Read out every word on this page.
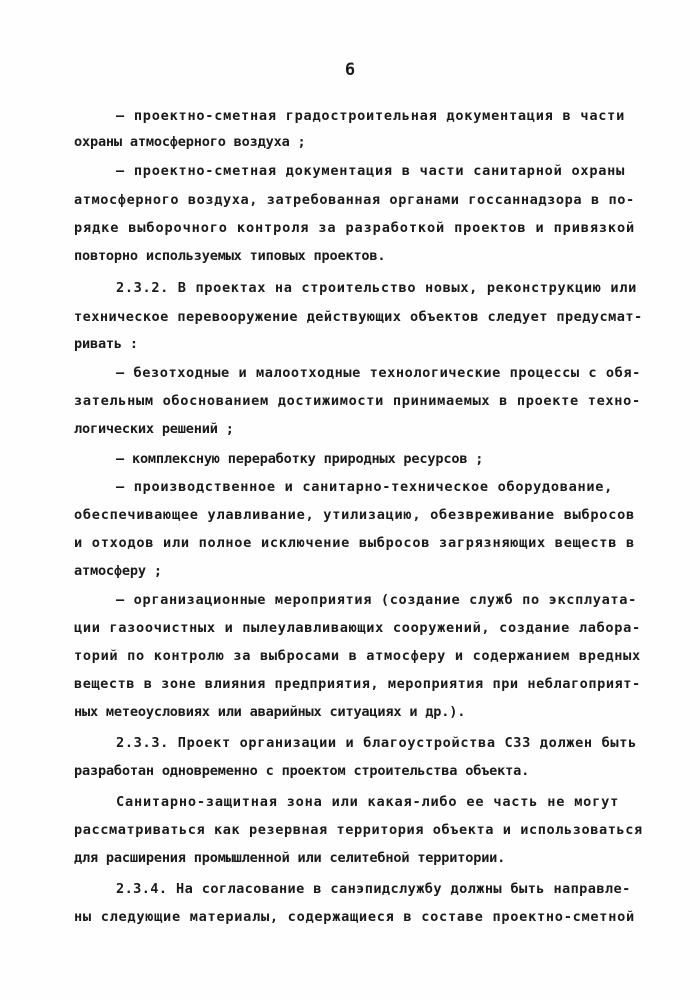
6
– проектно-сметная градостроительная документация в части
охраны атмосферного воздуха ;
– проектно-сметная документация в части санитарной охраны
атмосферного воздуха, затребованная органами госсаннадзора в по-
рядке выборочного контроля за разработкой проектов и привязкой
повторно используемых типовых проектов.
2.3.2. В проектах на строительство новых, реконструкцию или
техническое перевооружение действующих объектов следует предусмат-
ривать :
– безотходные и малоотходные технологические процессы с обя-
зательным обоснованием достижимости принимаемых в проекте техно-
логических решений ;
– комплексную переработку природных ресурсов ;
– производственное и санитарно-техническое оборудование,
обеспечивающее улавливание, утилизацию, обезвреживание выбросов
и отходов или полное исключение выбросов загрязняющих веществ в
атмосферу ;
– организационные мероприятия (создание служб по эксплуата-
ции газоочистных и пылеулавливающих сооружений, создание лабора-
торий по контролю за выбросами в атмосферу и содержанием вредных
веществ в зоне влияния предприятия, мероприятия при неблагоприят-
ных метеоусловиях или аварийных ситуациях и др.).
2.3.3. Проект организации и благоустройства СЗЗ должен быть
разработан одновременно с проектом строительства объекта.
Санитарно-защитная зона или какая-либо ее часть не могут
рассматриваться как резервная территория объекта и использоваться
для расширения промышленной или селитебной территории.
2.3.4. На согласование в санэпидслужбу должны быть направле-
ны следующие материалы, содержащиеся в составе проектно-сметной
